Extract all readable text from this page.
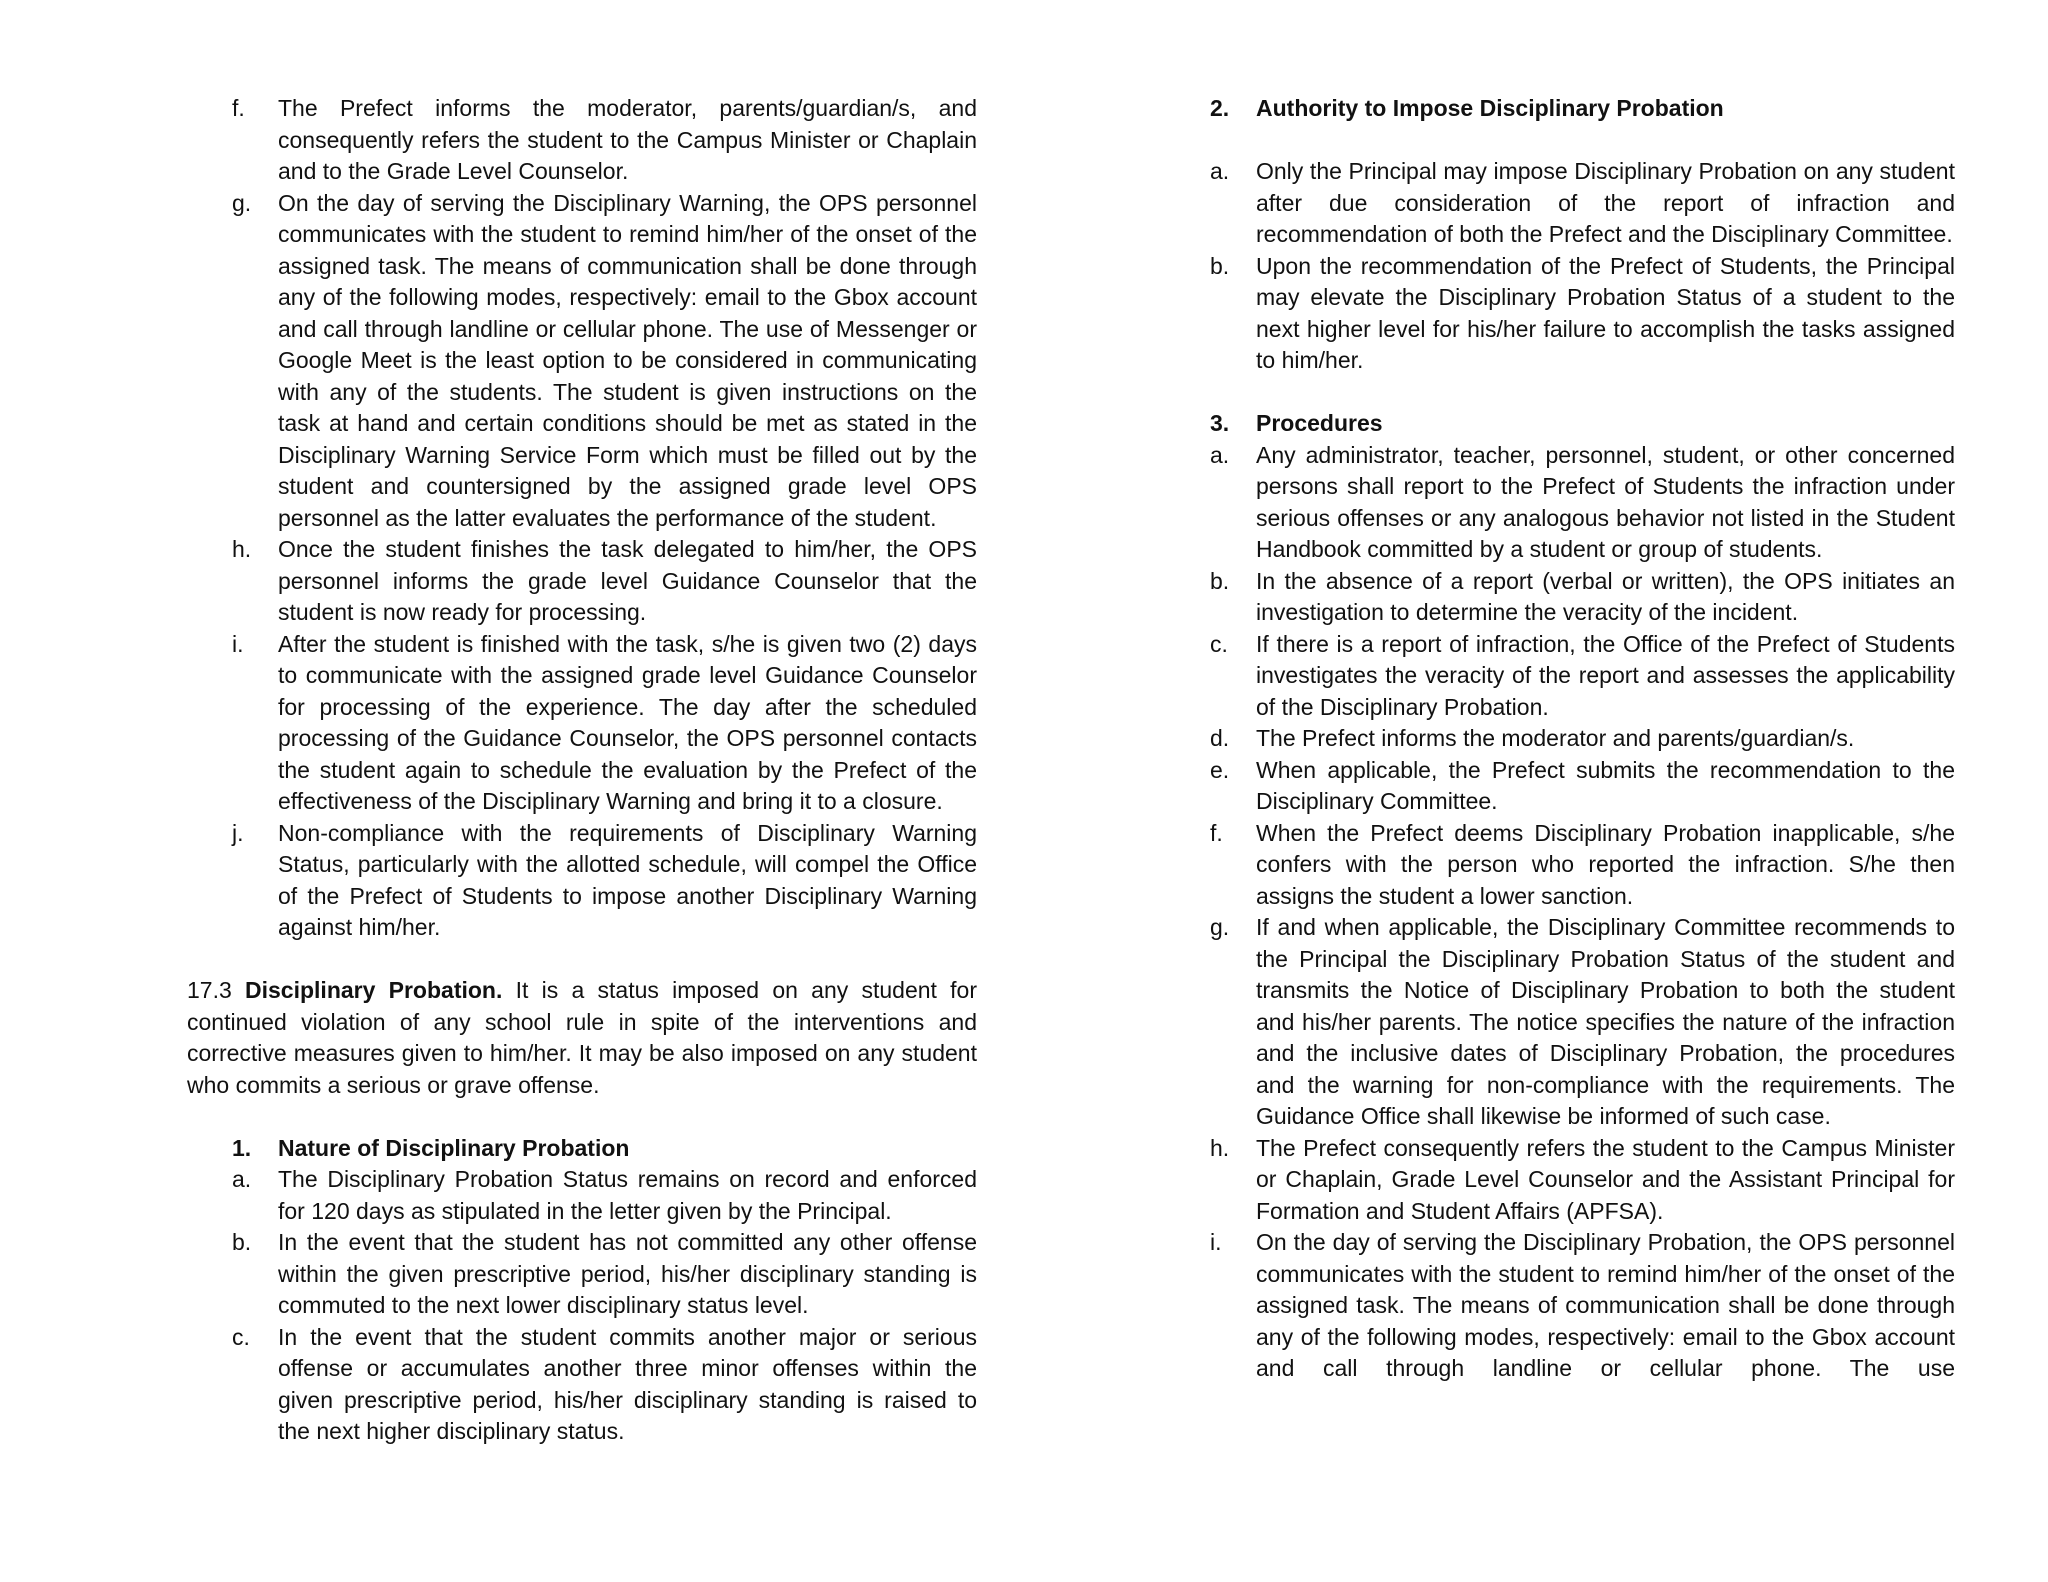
f. The Prefect informs the moderator, parents/guardian/s, and consequently refers the student to the Campus Minister or Chaplain and to the Grade Level Counselor.
g. On the day of serving the Disciplinary Warning, the OPS personnel communicates with the student to remind him/her of the onset of the assigned task. The means of communication shall be done through any of the following modes, respectively: email to the Gbox account and call through landline or cellular phone. The use of Messenger or Google Meet is the least option to be considered in communicating with any of the students. The student is given instructions on the task at hand and certain conditions should be met as stated in the Disciplinary Warning Service Form which must be filled out by the student and countersigned by the assigned grade level OPS personnel as the latter evaluates the performance of the student.
h. Once the student finishes the task delegated to him/her, the OPS personnel informs the grade level Guidance Counselor that the student is now ready for processing.
i. After the student is finished with the task, s/he is given two (2) days to communicate with the assigned grade level Guidance Counselor for processing of the experience. The day after the scheduled processing of the Guidance Counselor, the OPS personnel contacts the student again to schedule the evaluation by the Prefect of the effectiveness of the Disciplinary Warning and bring it to a closure.
j. Non-compliance with the requirements of Disciplinary Warning Status, particularly with the allotted schedule, will compel the Office of the Prefect of Students to impose another Disciplinary Warning against him/her.

17.3 Disciplinary Probation. It is a status imposed on any student for continued violation of any school rule in spite of the interventions and corrective measures given to him/her. It may be also imposed on any student who commits a serious or grave offense.

1. Nature of Disciplinary Probation
a. The Disciplinary Probation Status remains on record and enforced for 120 days as stipulated in the letter given by the Principal.
b. In the event that the student has not committed any other offense within the given prescriptive period, his/her disciplinary standing is commuted to the next lower disciplinary status level.
c. In the event that the student commits another major or serious offense or accumulates another three minor offenses within the given prescriptive period, his/her disciplinary standing is raised to the next higher disciplinary status.
2. Authority to Impose Disciplinary Probation
a. Only the Principal may impose Disciplinary Probation on any student after due consideration of the report of infraction and recommendation of both the Prefect and the Disciplinary Committee.
b. Upon the recommendation of the Prefect of Students, the Principal may elevate the Disciplinary Probation Status of a student to the next higher level for his/her failure to accomplish the tasks assigned to him/her.
3. Procedures
a. Any administrator, teacher, personnel, student, or other concerned persons shall report to the Prefect of Students the infraction under serious offenses or any analogous behavior not listed in the Student Handbook committed by a student or group of students.
b. In the absence of a report (verbal or written), the OPS initiates an investigation to determine the veracity of the incident.
c. If there is a report of infraction, the Office of the Prefect of Students investigates the veracity of the report and assesses the applicability of the Disciplinary Probation.
d. The Prefect informs the moderator and parents/guardian/s.
e. When applicable, the Prefect submits the recommendation to the Disciplinary Committee.
f. When the Prefect deems Disciplinary Probation inapplicable, s/he confers with the person who reported the infraction. S/he then assigns the student a lower sanction.
g. If and when applicable, the Disciplinary Committee recommends to the Principal the Disciplinary Probation Status of the student and transmits the Notice of Disciplinary Probation to both the student and his/her parents. The notice specifies the nature of the infraction and the inclusive dates of Disciplinary Probation, the procedures and the warning for non-compliance with the requirements. The Guidance Office shall likewise be informed of such case.
h. The Prefect consequently refers the student to the Campus Minister or Chaplain, Grade Level Counselor and the Assistant Principal for Formation and Student Affairs (APFSA).
i. On the day of serving the Disciplinary Probation, the OPS personnel communicates with the student to remind him/her of the onset of the assigned task. The means of communication shall be done through any of the following modes, respectively: email to the Gbox account and call through landline or cellular phone. The use
